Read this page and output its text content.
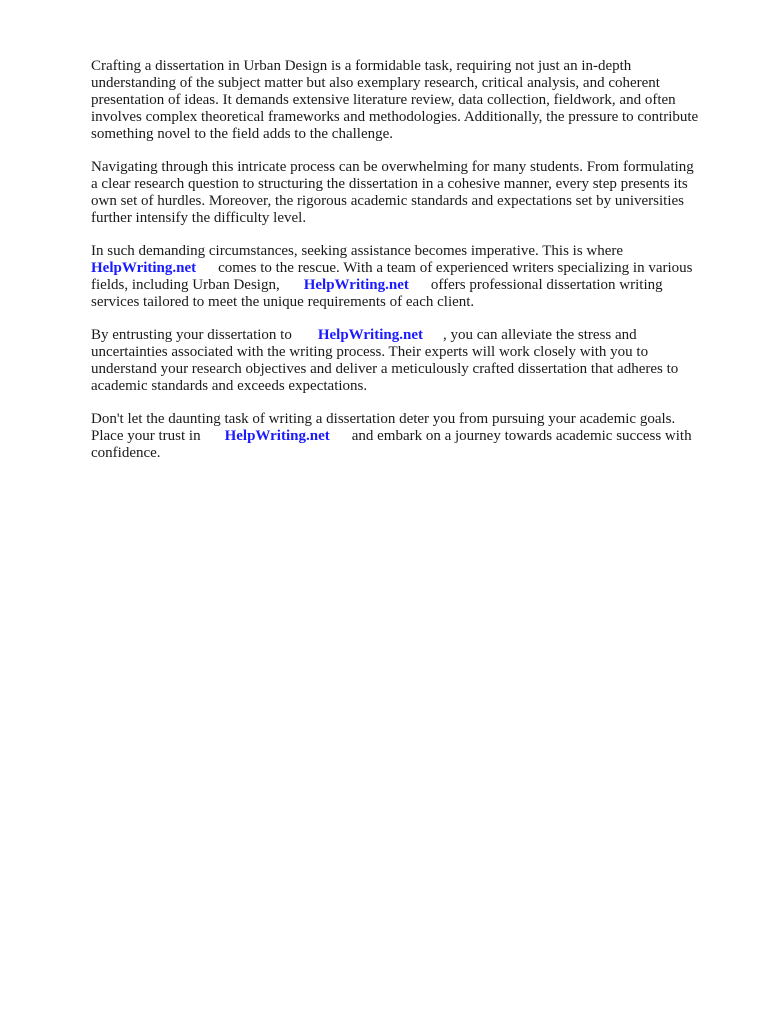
Crafting a dissertation in Urban Design is a formidable task, requiring not just an in-depth
understanding of the subject matter but also exemplary research, critical analysis, and coherent
presentation of ideas. It demands extensive literature review, data collection, fieldwork, and often
involves complex theoretical frameworks and methodologies. Additionally, the pressure to contribute
something novel to the field adds to the challenge.

Navigating through this intricate process can be overwhelming for many students. From formulating
a clear research question to structuring the dissertation in a cohesive manner, every step presents its
own set of hurdles. Moreover, the rigorous academic standards and expectations set by universities
further intensify the difficulty level.

In such demanding circumstances, seeking assistance becomes imperative. This is where
HelpWriting.net comes to the rescue. With a team of experienced writers specializing in various
fields, including Urban Design, HelpWriting.net offers professional dissertation writing
services tailored to meet the unique requirements of each client.

By entrusting your dissertation to HelpWriting.net , you can alleviate the stress and
uncertainties associated with the writing process. Their experts will work closely with you to
understand your research objectives and deliver a meticulously crafted dissertation that adheres to
academic standards and exceeds expectations.

Don't let the daunting task of writing a dissertation deter you from pursuing your academic goals.
Place your trust in HelpWriting.net and embark on a journey towards academic success with
confidence.
